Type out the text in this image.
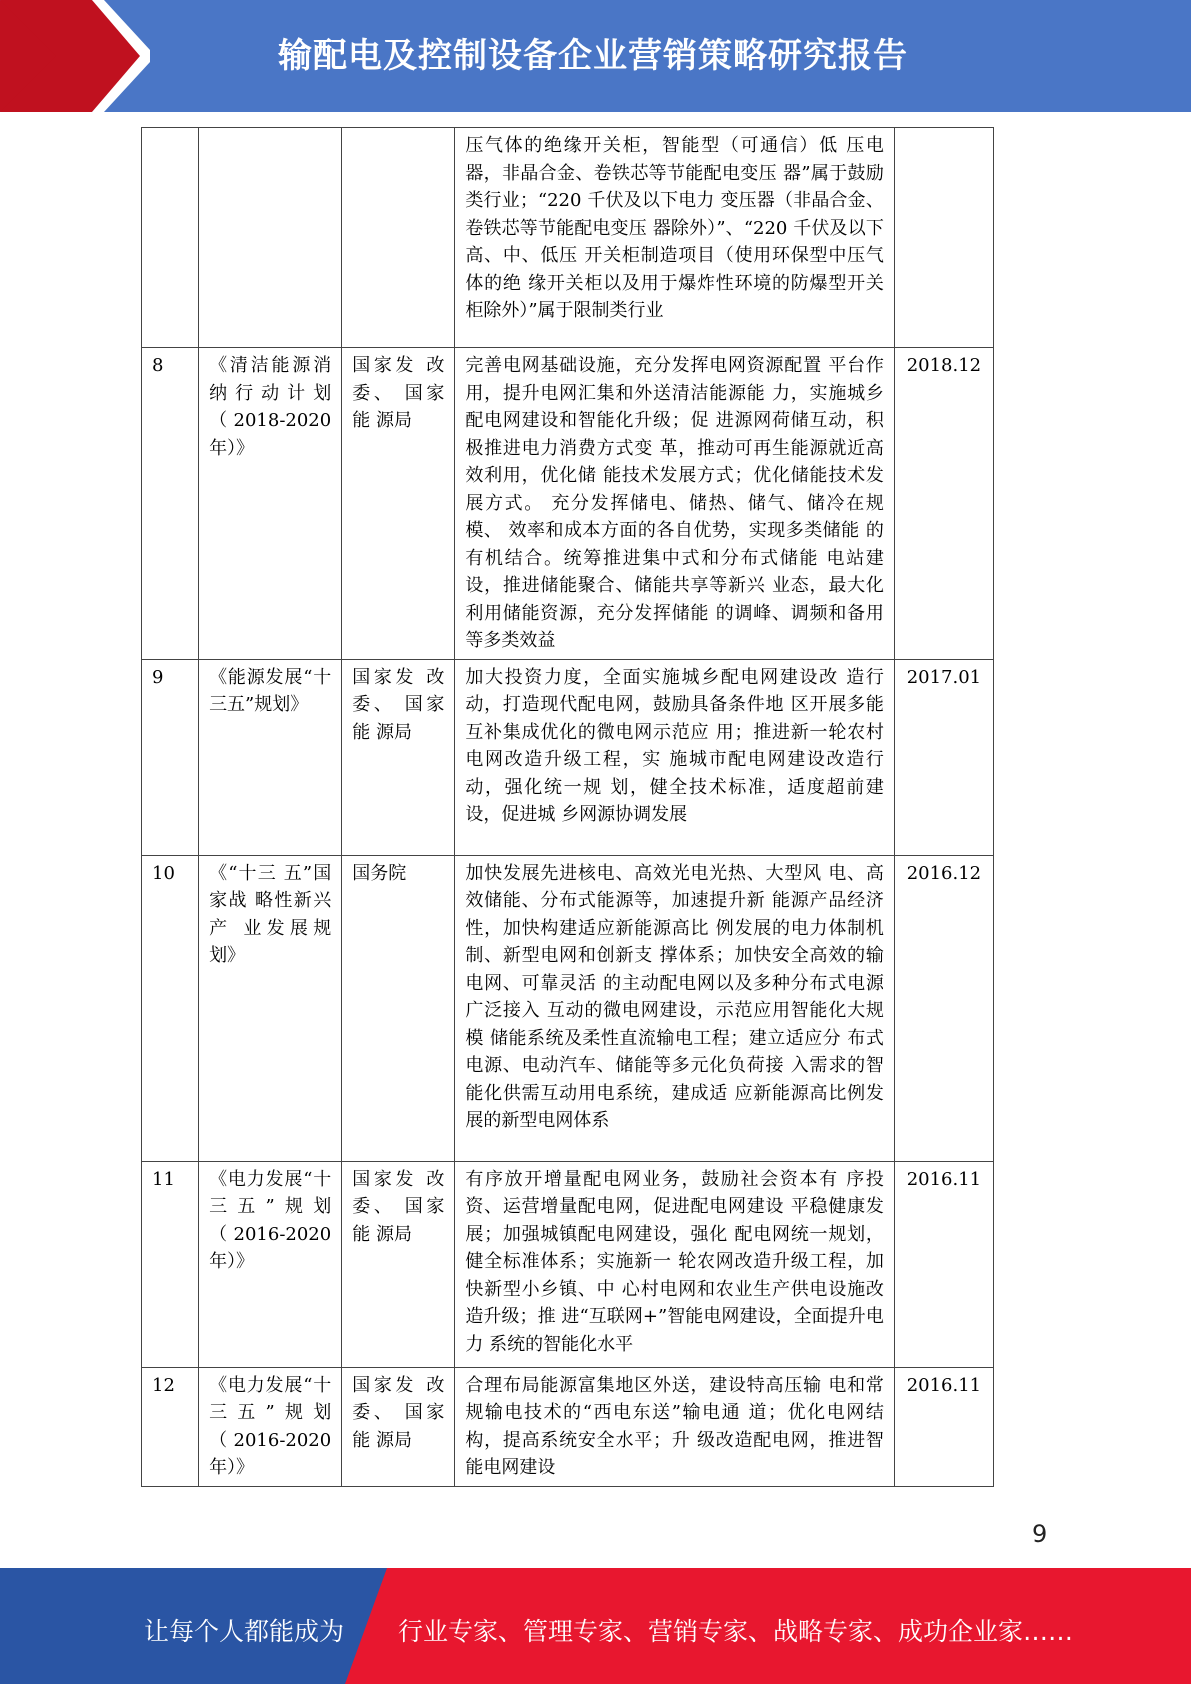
输配电及控制设备企业营销策略研究报告
			压气体的绝缘开关柜，智能型（可通信）低 压电器，非晶合金、卷铁芯等节能配电变压 器”属于鼓励类行业；“220 千伏及以下电力 变压器（非晶合金、卷铁芯等节能配电变压 器除外）”、“220 千伏及以下高、中、低压 开关柜制造项目（使用环保型中压气体的绝 缘开关柜以及用于爆炸性环境的防爆型开关 柜除外）”属于限制类行业	
8	《清洁能源消纳行动计划（2018-2020 年）》	国家发 改委、 国家能 源局	完善电网基础设施，充分发挥电网资源配置 平台作用，提升电网汇集和外送清洁能源能 力，实施城乡配电网建设和智能化升级；促 进源网荷储互动，积极推进电力消费方式变 革，推动可再生能源就近高效利用，优化储 能技术发展方式；优化储能技术发展方式。 充分发挥储电、储热、储气、储冷在规模、 效率和成本方面的各自优势，实现多类储能 的有机结合。统筹推进集中式和分布式储能 电站建设，推进储能聚合、储能共享等新兴 业态，最大化利用储能资源，充分发挥储能 的调峰、调频和备用等多类效益	2018.12
9	《能源发展“十三五”规划》	国家发 改委、 国家能 源局	加大投资力度，全面实施城乡配电网建设改 造行动，打造现代配电网，鼓励具备条件地 区开展多能互补集成优化的微电网示范应 用；推进新一轮农村电网改造升级工程，实 施城市配电网建设改造行动，强化统一规 划，健全技术标准，适度超前建设，促进城 乡网源协调发展	2017.01
10	《“十三 五”国家战 略性新兴产 业发展规 划》	国务院	加快发展先进核电、高效光电光热、大型风 电、高效储能、分布式能源等，加速提升新 能源产品经济性，加快构建适应新能源高比 例发展的电力体制机制、新型电网和创新支 撑体系；加快安全高效的输电网、可靠灵活 的主动配电网以及多种分布式电源广泛接入 互动的微电网建设，示范应用智能化大规模 储能系统及柔性直流输电工程；建立适应分 布式电源、电动汽车、储能等多元化负荷接 入需求的智能化供需互动用电系统，建成适 应新能源高比例发展的新型电网体系	2016.12
11	《电力发展“十三五”规划（2016-2020 年）》	国家发 改委、 国家能 源局	有序放开增量配电网业务，鼓励社会资本有 序投资、运营增量配电网，促进配电网建设 平稳健康发展；加强城镇配电网建设，强化 配电网统一规划，健全标准体系；实施新一 轮农网改造升级工程，加快新型小乡镇、中 心村电网和农业生产供电设施改造升级；推 进“互联网+”智能电网建设，全面提升电力 系统的智能化水平	2016.11
12	《电力发展“十三五”规划（2016-2020 年）》	国家发 改委、 国家能 源局	合理布局能源富集地区外送，建设特高压输 电和常规输电技术的“西电东送”输电通 道；优化电网结构，提高系统安全水平；升 级改造配电网，推进智能电网建设	2016.11
9
让每个人都能成为 行业专家、管理专家、营销专家、战略专家、成功企业家……
